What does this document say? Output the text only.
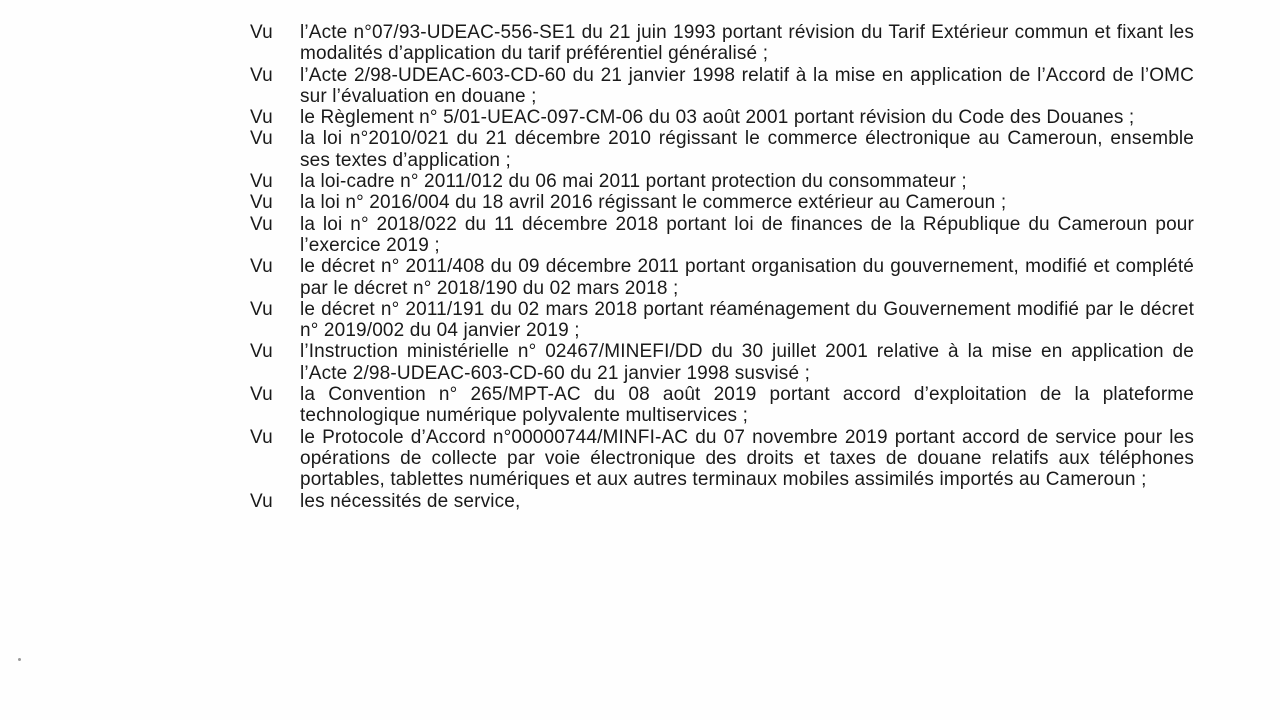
Vu	l’Acte n°07/93-UDEAC-556-SE1 du 21 juin 1993 portant révision du Tarif Extérieur commun et fixant les modalités d’application du tarif préférentiel généralisé ;
Vu	l’Acte 2/98-UDEAC-603-CD-60 du 21 janvier 1998 relatif à la mise en application de l’Accord de l’OMC sur l’évaluation en douane ;
Vu	le Règlement n° 5/01-UEAC-097-CM-06 du 03 août 2001 portant révision du Code des Douanes ;
Vu	la loi n°2010/021 du 21 décembre 2010 régissant le commerce électronique au Cameroun, ensemble ses textes d’application ;
Vu	la loi-cadre n° 2011/012 du 06 mai 2011 portant protection du consommateur ;
Vu	la loi n° 2016/004 du 18 avril 2016 régissant le commerce extérieur au Cameroun ;
Vu	la loi n° 2018/022 du 11 décembre 2018 portant loi de finances de la République du Cameroun pour l’exercice 2019 ;
Vu	le décret n° 2011/408 du 09 décembre 2011 portant organisation du gouvernement, modifié et complété par le décret n° 2018/190 du 02 mars 2018 ;
Vu	le décret n° 2011/191 du 02 mars 2018 portant réaménagement du Gouvernement modifié par le décret n° 2019/002 du 04 janvier 2019 ;
Vu	l’Instruction ministérielle n° 02467/MINEFI/DD du 30 juillet 2001 relative à la mise en application de l’Acte 2/98-UDEAC-603-CD-60 du 21 janvier 1998 susvisé ;
Vu	la Convention n° 265/MPT-AC du 08 août 2019 portant accord d’exploitation de la plateforme technologique numérique polyvalente multiservices ;
Vu	le Protocole d’Accord n°00000744/MINFI-AC du 07 novembre 2019 portant accord de service pour les opérations de collecte par voie électronique des droits et taxes de douane relatifs aux téléphones portables, tablettes numériques et aux autres terminaux mobiles assimilés importés au Cameroun ;
Vu	les nécessités de service,
